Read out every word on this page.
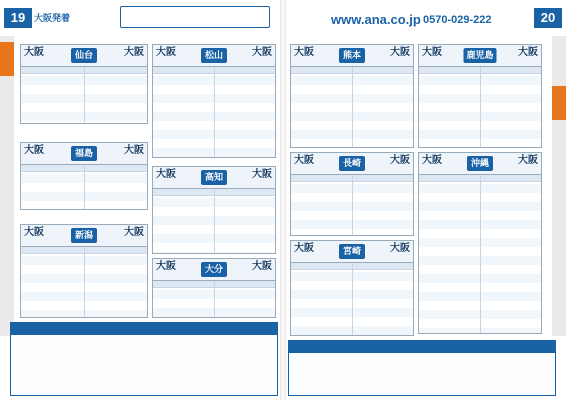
19	20
大阪発着	www.ana.co.jp 0570-029-222
大阪	仙台	大阪
大阪	福島	大阪
大阪	新潟	大阪
大阪	松山	大阪
大阪	高知	大阪
大阪	大分	大阪
大阪	熊本	大阪
大阪	長崎	大阪
大阪	宮崎	大阪
大阪	鹿児島	大阪
大阪	沖縄	大阪
